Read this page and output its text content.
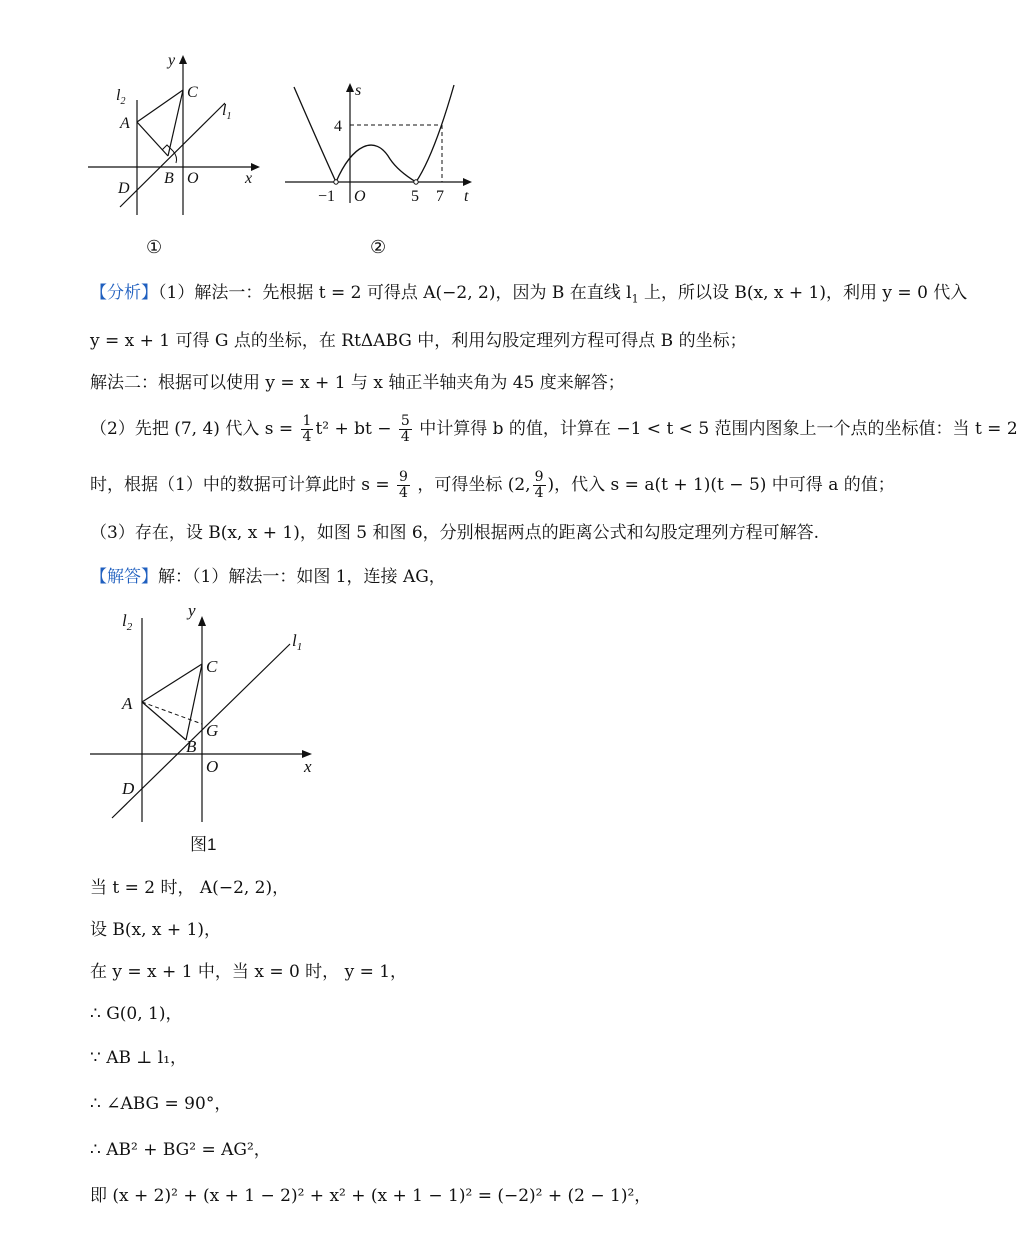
y
$l_2$
$l_1$
C
A
B O	x
D
①
s
4
−1 O	5 7 t
②
【分析】（1）解法一：先根据 t = 2 可得点 A(−2, 2)，因为 B 在直线 $l_1$ 上，所以设 B(x, x + 1)，利用 y = 0 代入
y = x + 1 可得 G 点的坐标，在 RtΔABG 中，利用勾股定理列方程可得点 B 的坐标；
解法二：根据可以使用 y = x + 1 与 x 轴正半轴夹角为 45 度来解答；
（2）先把 (7, 4) 代入 $s = \frac{1}{4} t^2$ + bt − $\frac{5}{4}$ 中计算得 b 的值，计算在 −1 < t < 5 范围内图象上一个点的坐标值：当 t = 2
时，根据（1）中的数据可计算此时 $s = \frac{9}{4}$ ，可得坐标 (2, $\frac{9}{4}$ )，代入 s = a(t + 1)(t − 5) 中可得 a 的值；
（3）存在，设 B(x, x + 1)，如图 5 和图 6，分别根据两点的距离公式和勾股定理列方程可解答.
【解答】解：（1）解法一：如图 1，连接 AG，
y
$l_2$
$l_1$
C
A
G
B
O	x
D
图1
当 t = 2 时， A(−2, 2)，
设 B(x, x + 1)，
在 y = x + 1 中，当 x = 0 时， y = 1，
∴ G(0, 1)，
∵ AB ⊥ l₁，
∴ ∠ABG = 90°，
∴ AB² + BG² = AG²，
即 (x + 2)² + (x + 1 − 2)² + x² + (x + 1 − 1)² = (−2)² + (2 − 1)²，
